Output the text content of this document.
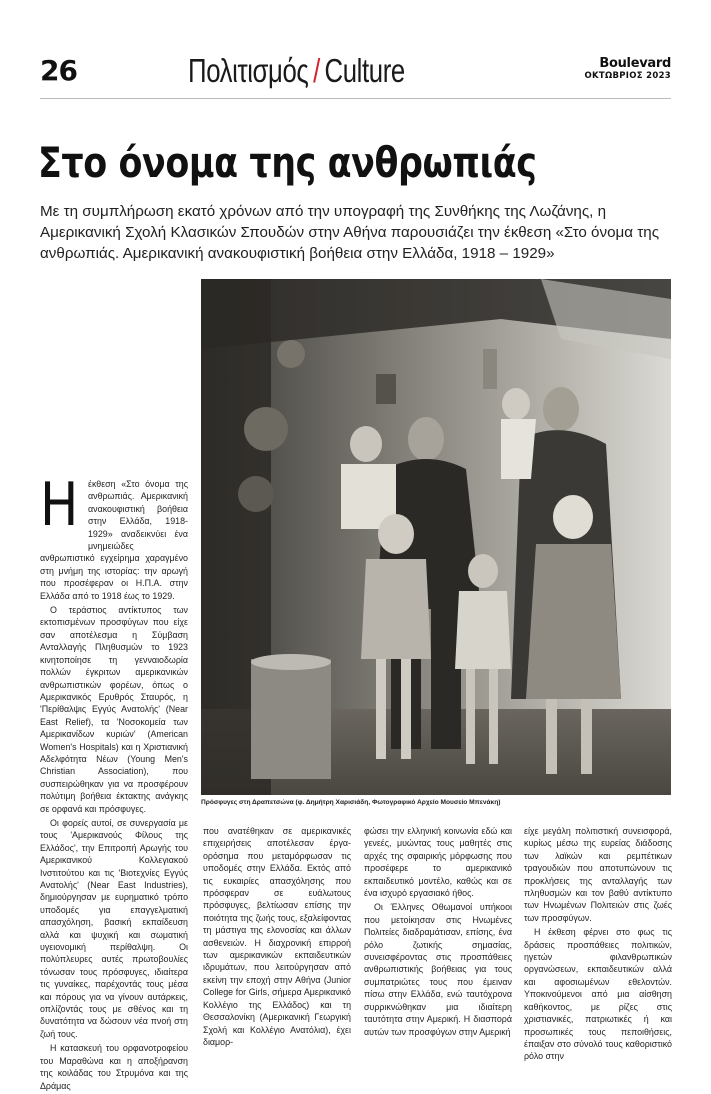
26	Πολιτισμός / Culture	Boulevard
ΟΚΤΩΒΡΙΟΣ 2023
Στο όνομα της ανθρωπιάς
Με τη συμπλήρωση εκατό χρόνων από την υπογραφή της Συνθήκης της Λωζάνης, η Αμερικανική Σχολή Κλασικών Σπουδών στην Αθήνα παρουσιάζει την έκθεση «Στο όνομα της ανθρωπιάς. Αμερικανική ανακουφιστική βοήθεια στην Ελλάδα, 1918 – 1929»
Πρόσφυγες στη Δραπετσώνα (φ. Δημήτρη Χαρισιάδη, Φωτογραφικό Αρχείο Μουσείο Μπενάκη)
Η	έκθεση «Στο όνομα της ανθρωπιάς. Αμερικανική ανακουφιστική βοήθεια στην Ελλάδα, 1918-1929» αναδεικνύει ένα μνημειώδες ανθρωπιστικό εγχείρημα χαραγμένο στη μνήμη της ιστορίας: την αρωγή που προσέφεραν οι Η.Π.Α. στην Ελλάδα από το 1918 έως το 1929.

Ο τεράστιος αντίκτυπος των εκτοπισμένων προσφύγων που είχε σαν αποτέλεσμα η Σύμβαση Ανταλλαγής Πληθυσμών το 1923 κινητοποίησε τη γενναιοδωρία πολλών έγκριτων αμερικανικών ανθρωπιστικών φορέων, όπως ο Αμερικανικός Ερυθρός Σταυρός, η 'Περίθαλψις Εγγύς Ανατολής' (Near East Relief), τα 'Νοσοκομεία των Αμερικανίδων κυριών' (American Women's Hospitals) και η Χριστιανική Αδελφότητα Νέων (Young Men's Christian Association), που συσπειρώθηκαν για να προσφέρουν πολύτιμη βοήθεια έκτακτης ανάγκης σε ορφανά και πρόσφυγες.

Οι φορείς αυτοί, σε συνεργασία με τους 'Αμερικανούς Φίλους της Ελλάδος', την Επιτροπή Αρωγής του Αμερικανικού Κολλεγιακού Ινστιτούτου και τις 'Βιοτεχνίες Εγγύς Ανατολής' (Near East Industries), δημιούργησαν με ευρηματικό τρόπο υποδομές για επαγγελματική απασχόληση, βασική εκπαίδευση αλλά και ψυχική και σωματική υγειονομική περίθαλψη. Οι πολύπλευρες αυτές πρωτοβουλίες τόνωσαν τους πρόσφυγες, ιδιαίτερα τις γυναίκες, παρέχοντάς τους μέσα και πόρους για να γίνουν αυτάρκεις, οπλίζοντάς τους με σθένος και τη δυνατότητα να δώσουν νέα πνοή στη ζωή τους.

Η κατασκευή του ορφανοτροφείου του Μαραθώνα και η αποξήρανση της κοιλάδας του Στρυμόνα και της Δράμας

που ανατέθηκαν σε αμερικανικές επιχειρήσεις αποτέλεσαν έργα-ορόσημα που μεταμόρφωσαν τις υποδομές στην Ελλάδα. Εκτός από τις ευκαιρίες απασχόλησης που πρόσφεραν σε ευάλωτους πρόσφυγες, βελτίωσαν επίσης την ποιότητα της ζωής τους, εξαλείφοντας τη μάστιγα της ελονοσίας και άλλων ασθενειών. Η διαχρονική επιρροή των αμερικανικών εκπαιδευτικών ιδρυμάτων, που λειτούργησαν από εκείνη την εποχή στην Αθήνα (Junior College for Girls, σήμερα Αμερικανικό Κολλέγιο της Ελλάδος) και τη Θεσσαλονίκη (Αμερικανική Γεωργική Σχολή και Κολλέγιο Ανατόλια), έχει διαμορ-

φώσει την ελληνική κοινωνία εδώ και γενεές, μυώντας τους μαθητές στις αρχές της σφαιρικής μόρφωσης που προσέφερε το αμερικανικό εκπαιδευτικό μοντέλο, καθώς και σε ένα ισχυρό εργασιακό ήθος.

Οι Έλληνες Οθωμανοί υπήκοοι που μετοίκησαν στις Ηνωμένες Πολιτείες διαδραμάτισαν, επίσης, ένα ρόλο ζωτικής σημασίας, συνεισφέροντας στις προσπάθειες ανθρωπιστικής βοήθειας για τους συμπατριώτες τους που έμειναν πίσω στην Ελλάδα, ενώ ταυτόχρονα συρρικνώθηκαν μια ιδιαίτερη ταυτότητα στην Αμερική. Η διασπορά αυτών των προσφύγων στην Αμερική

είχε μεγάλη πολιτιστική συνεισφορά, κυρίως μέσω της ευρείας διάδοσης των λαϊκών και ρεμπέτικων τραγουδιών που αποτυπώνουν τις προκλήσεις της ανταλλαγής των πληθυσμών και τον βαθύ αντίκτυπο των Ηνωμένων Πολιτειών στις ζωές των προσφύγων.

Η έκθεση φέρνει στο φως τις δράσεις προσπάθειες πολιτικών, ηγετών φιλανθρωπικών οργανώσεων, εκπαιδευτικών αλλά και αφοσιωμένων εθελοντών. Υποκινούμενοι από μια αίσθηση καθήκοντος, με ρίζες στις χριστιανικές, πατριωτικές ή και προσωπικές τους πεποιθήσεις, έπαιξαν στο σύνολό τους καθοριστικό ρόλο στην
